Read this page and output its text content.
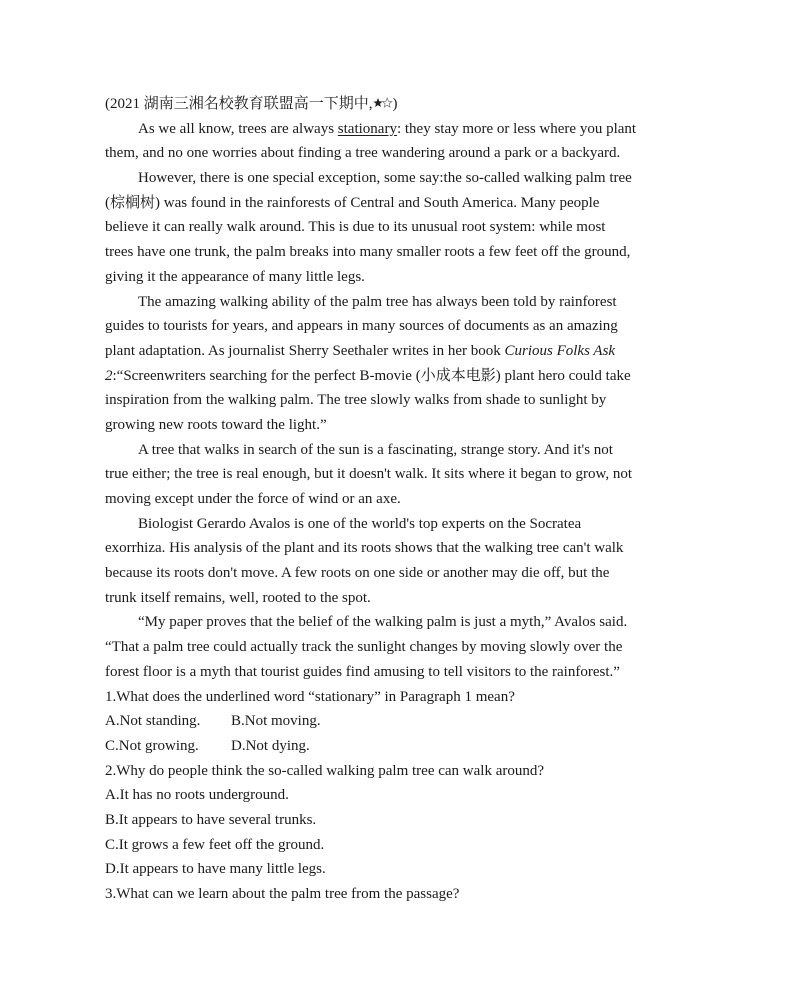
(2021 湖南三湘名校教育联盟高一下期中, )
As we all know, trees are always stationary: they stay more or less where you plant
them, and no one worries about finding a tree wandering around a park or a backyard.
However, there is one special exception, some say:the so-called walking palm tree
(棕榈树) was found in the rainforests of Central and South America. Many people
believe it can really walk around. This is due to its unusual root system: while most
trees have one trunk, the palm breaks into many smaller roots a few feet off the ground,
giving it the appearance of many little legs.
The amazing walking ability of the palm tree has always been told by rainforest
guides to tourists for years, and appears in many sources of documents as an amazing
plant adaptation. As journalist Sherry Seethaler writes in her book Curious Folks Ask
2:“Screenwriters searching for the perfect B-movie (小成本电影) plant hero could take
inspiration from the walking palm. The tree slowly walks from shade to sunlight by
growing new roots toward the light.”
A tree that walks in search of the sun is a fascinating, strange story. And it's not
true either; the tree is real enough, but it doesn't walk. It sits where it began to grow, not
moving except under the force of wind or an axe.
Biologist Gerardo Avalos is one of the world's top experts on the Socratea
exorrhiza. His analysis of the plant and its roots shows that the walking tree can't walk
because its roots don't move. A few roots on one side or another may die off, but the
trunk itself remains, well, rooted to the spot.
“My paper proves that the belief of the walking palm is just a myth,” Avalos said.
“That a palm tree could actually track the sunlight changes by moving slowly over the
forest floor is a myth that tourist guides find amusing to tell visitors to the rainforest.”
1.What does the underlined word “stationary” in Paragraph 1 mean?
A.Not standing. B.Not moving.
C.Not growing. D.Not dying.
2.Why do people think the so-called walking palm tree can walk around?
A.It has no roots underground.
B.It appears to have several trunks.
C.It grows a few feet off the ground.
D.It appears to have many little legs.
3.What can we learn about the palm tree from the passage?
